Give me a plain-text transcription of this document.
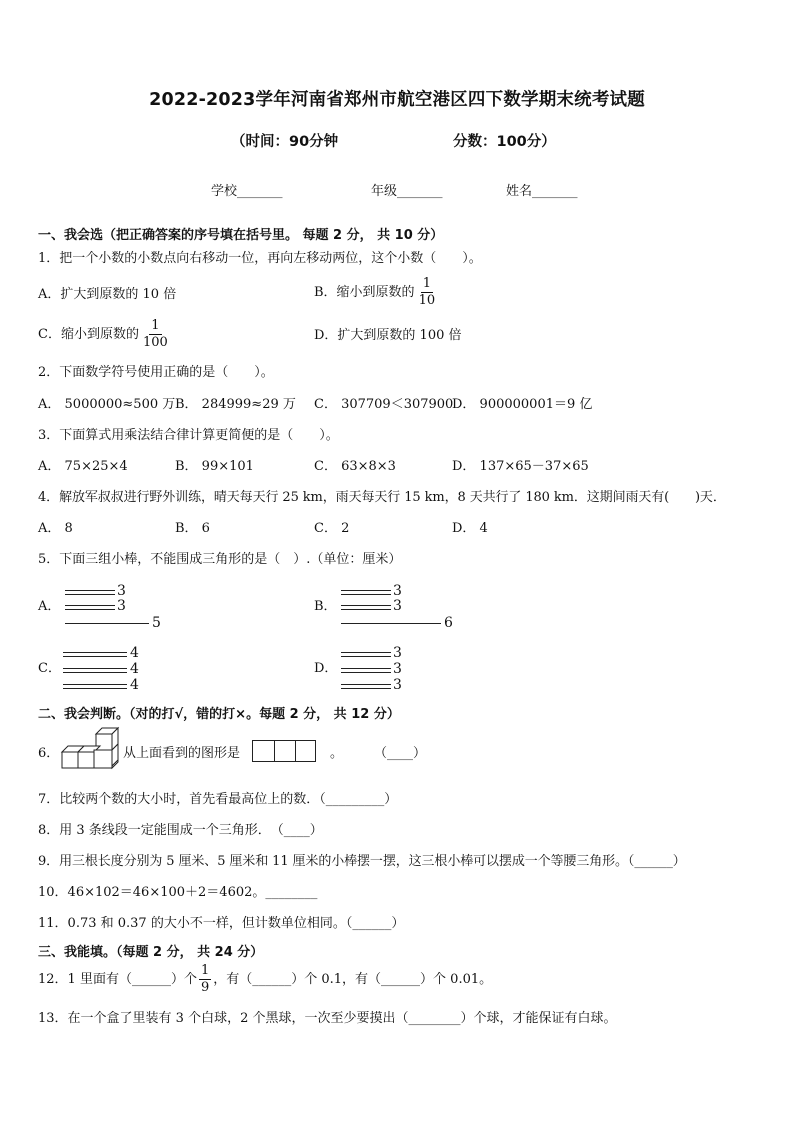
2022-2023学年河南省郑州市航空港区四下数学期末统考试题
（时间：90分钟	分数：100分）
学校_______	年级_______	姓名_______
一、我会选（把正确答案的序号填在括号里。 每题 2 分， 共 10 分）
1．把一个小数的小数点向右移动一位，再向左移动两位，这个小数（　　）。
A．扩大到原数的 10 倍	B．缩小到原数的 $\frac{1}{10}$
C．缩小到原数的 $\frac{1}{100}$	D．扩大到原数的 100 倍
2．下面数学符号使用正确的是（　　）。
A． 5000000≈500 万 B． 284999≈29 万 C． 307709＜307900
D． 900000001＝9 亿
3．下面算式用乘法结合律计算更简便的是（　　）。
A． 75×25×4	B． 99×101	C． 63×8×3	D． 137×65－37×65
4．解放军叔叔进行野外训练，晴天每天行 25 km，雨天每天行 15 km，8 天共行了 180 km．这期间雨天有(　　)天．
A． 8	B． 6	C． 2	D． 4
5．下面三组小棒，不能围成三角形的是（　）.（单位：厘米）
A．
3
3
5
B．
3
3
6
C．
4
4
4
D．
3
3
3
二、我会判断。（对的打√，错的打×。每题 2 分， 共 12 分）
6．	从上面看到的图形是	。 （____）
7．比较两个数的大小时，首先看最高位上的数．（_________）
8．用 3 条线段一定能围成一个三角形．　（____）
9．用三根长度分别为 5 厘米、5 厘米和 11 厘米的小棒摆一摆，这三根小棒可以摆成一个等腰三角形。（______）
10．46×102＝46×100＋2＝4602。________
11．0.73 和 0.37 的大小不一样，但计数单位相同。（______）
三、我能填。（每题 2 分， 共 24 分）
12．1 里面有（______）个 $\frac{1}{9}$ ，有（______）个 0.1，有（______）个 0.01。
13．在一个盒了里装有 3 个白球，2 个黑球，一次至少要摸出（________）个球，才能保证有白球。
